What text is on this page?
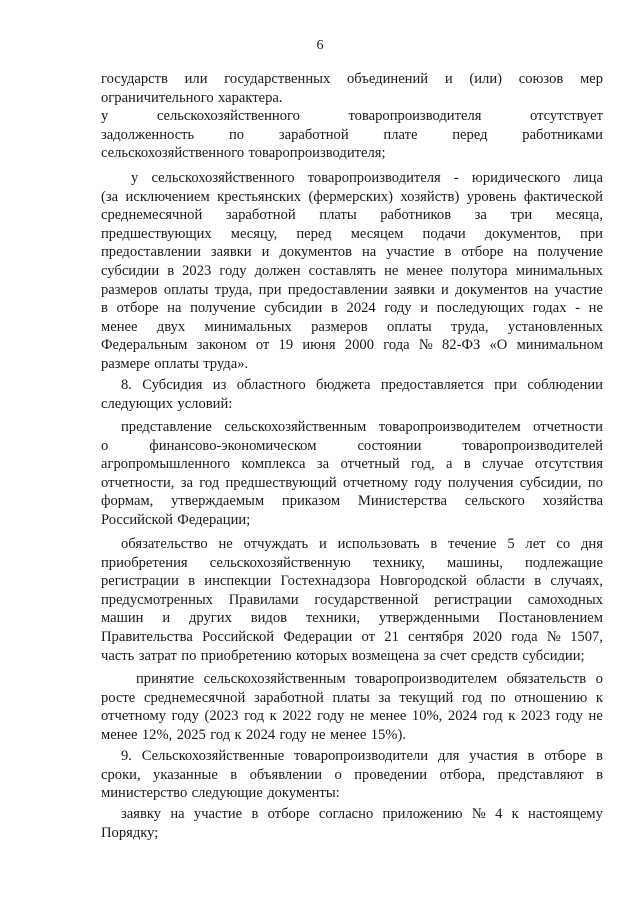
6
государств или государственных объединений и (или) союзов мер
ограничительного характера.
у	сельскохозяйственного	товаропроизводителя	отсутствует
задолженность по заработной плате перед работниками
сельскохозяйственного товаропроизводителя;
у сельскохозяйственного товаропроизводителя - юридического лица
(за исключением крестьянских (фермерских) хозяйств) уровень фактической
среднемесячной заработной платы работников за три месяца,
предшествующих месяцу, перед месяцем подачи документов, при
предоставлении заявки и документов на участие в отборе на получение
субсидии в 2023 году должен составлять не менее полутора минимальных
размеров оплаты труда, при предоставлении заявки и документов на участие
в отборе на получение субсидии в 2024 году и последующих годах - не
менее двух минимальных размеров оплаты труда, установленных
Федеральным законом от 19 июня 2000 года № 82-ФЗ «О минимальном
размере оплаты труда».
8. Субсидия из областного бюджета предоставляется при соблюдении
следующих условий:
представление сельскохозяйственным товаропроизводителем отчетности
о	финансово-экономическом	состоянии	товаропроизводителей
агропромышленного комплекса за отчетный год, а в случае отсутствия
отчетности, за год предшествующий отчетному году получения субсидии, по
формам, утверждаемым приказом Министерства сельского хозяйства
Российской Федерации;
обязательство не отчуждать и использовать в течение 5 лет со дня
приобретения сельскохозяйственную технику, машины, подлежащие
регистрации в инспекции Гостехнадзора Новгородской области в случаях,
предусмотренных Правилами государственной регистрации самоходных
машин и других видов техники, утвержденными Постановлением
Правительства Российской Федерации от 21 сентября 2020 года № 1507,
часть затрат по приобретению которых возмещена за счет средств субсидии;
принятие сельскохозяйственным товаропроизводителем обязательств о
росте среднемесячной заработной платы за текущий год по отношению к
отчетному году (2023 год к 2022 году не менее 10%, 2024 год к 2023 году не
менее 12%, 2025 год к 2024 году не менее 15%).
9. Сельскохозяйственные товаропроизводители для участия в отборе в
сроки, указанные в объявлении о проведении отбора, представляют в
министерство следующие документы:
заявку на участие в отборе согласно приложению № 4 к настоящему
Порядку;
